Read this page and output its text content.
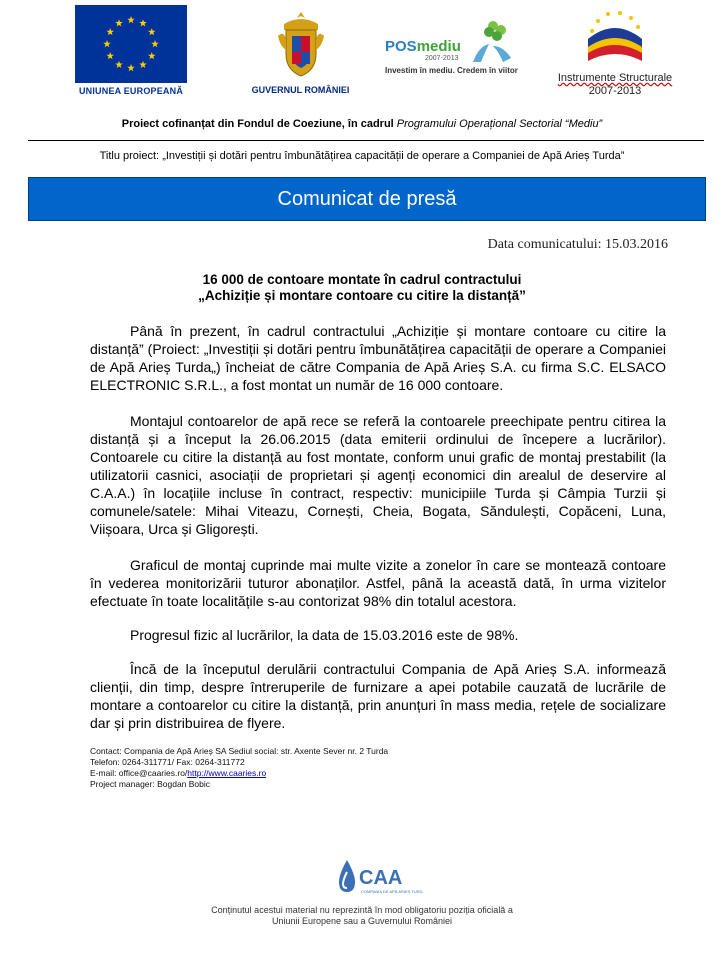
UNIUNEA EUROPEANĂ	GUVERNUL ROMÂNIEI
POSmediu
2007-2013
Investim în mediu. Credem în viitor
Instrumente Structurale
2007-2013
Proiect cofinanțat din Fondul de Coeziune, în cadrul Programului Operațional Sectorial “Mediu”
Titlu proiect: „Investiții și dotări pentru îmbunătățirea capacității de operare a Companiei de Apă Arieș Turda”
Comunicat de presă
Data comunicatului: 15.03.2016
16 000 de contoare montate în cadrul contractului
„Achiziție și montare contoare cu citire la distanță”
Până în prezent, în cadrul contractului „Achiziție și montare contoare cu citire la distanță” (Proiect: „Investiții și dotări pentru îmbunătățirea capacității de operare a Companiei de Apă Arieș Turda„) încheiat de către Compania de Apă Arieș S.A. cu firma S.C. ELSACO ELECTRONIC S.R.L., a fost montat un număr de 16 000 contoare.
Montajul contoarelor de apă rece se referă la contoarele preechipate pentru citirea la distanță și a început la 26.06.2015 (data emiterii ordinului de începere a lucrărilor). Contoarele cu citire la distanță au fost montate, conform unui grafic de montaj prestabilit (la utilizatorii casnici, asociații de proprietari și agenți economici din arealul de deservire al C.A.A.) în locațiile incluse în contract, respectiv: municipiile Turda și Câmpia Turzii și comunele/satele: Mihai Viteazu, Cornești, Cheia, Bogata, Săndulești, Copăceni, Luna, Viișoara, Urca și Gligorești.
Graficul de montaj cuprinde mai multe vizite a zonelor în care se montează contoare în vederea monitorizării tuturor abonaților. Astfel, până la această dată, în urma vizitelor efectuate în toate localitățile s-au contorizat 98% din totalul acestora.
Progresul fizic al lucrărilor, la data de 15.03.2016 este de 98%.
Încă de la începutul derulării contractului Compania de Apă Arieș S.A. informează clienții, din timp, despre întreruperile de furnizare a apei potabile cauzată de lucrările de montare a contoarelor cu citire la distanță, prin anunțuri în mass media, rețele de socializare dar și prin distribuirea de flyere.
Contact: Compania de Apă Arieș SA Sediul social: str. Axente Sever nr. 2 Turda
Telefon: 0264-311771/ Fax: 0264-311772
E-mail: office@caaries.ro/http://www.caaries.ro
Project manager: Bogdan Bobic
CAA
COMPANIA DE APĂ ARIEȘ TURDA
Conținutul acestui material nu reprezintă în mod obligatoriu poziția oficială a
Uniunii Europene sau a Guvernului României
